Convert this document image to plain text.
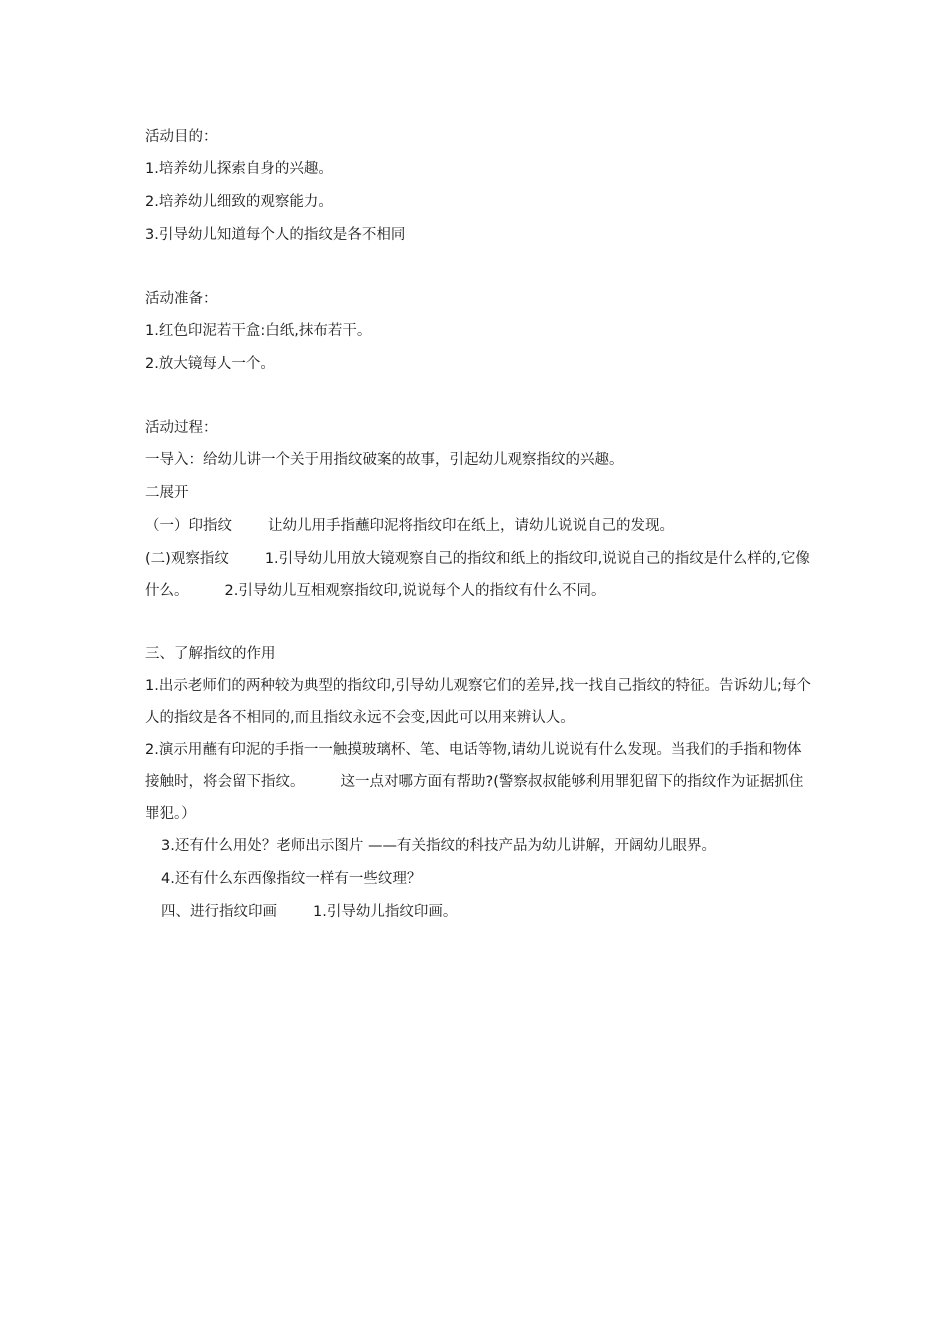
活动目的：

1.培养幼儿探索自身的兴趣。

2.培养幼儿细致的观察能力。

3.引导幼儿知道每个人的指纹是各不相同

活动准备：

1.红色印泥若干盒:白纸,抹布若干。

2.放大镜每人一个。

活动过程：

一导入：给幼儿讲一个关于用指纹破案的故事，引起幼儿观察指纹的兴趣。

二展开

（一）印指纹 让幼儿用手指蘸印泥将指纹印在纸上，请幼儿说说自己的发现。

(二)观察指纹 1.引导幼儿用放大镜观察自己的指纹和纸上的指纹印,说说自己的指纹是什么样的,它像什么。 2.引导幼儿互相观察指纹印,说说每个人的指纹有什么不同。

三、了解指纹的作用

1.出示老师们的两种较为典型的指纹印,引导幼儿观察它们的差异,找一找自己指纹的特征。告诉幼儿;每个人的指纹是各不相同的,而且指纹永远不会变,因此可以用来辨认人。

2.演示用蘸有印泥的手指一一触摸玻璃杯、笔、电话等物,请幼儿说说有什么发现。当我们的手指和物体接触时，将会留下指纹。 这一点对哪方面有帮助?(警察叔叔能够利用罪犯留下的指纹作为证据抓住罪犯。）

3.还有什么用处？老师出示图片 ——有关指纹的科技产品为幼儿讲解，开阔幼儿眼界。

4.还有什么东西像指纹一样有一些纹理？

四、进行指纹印画 1.引导幼儿指纹印画。
